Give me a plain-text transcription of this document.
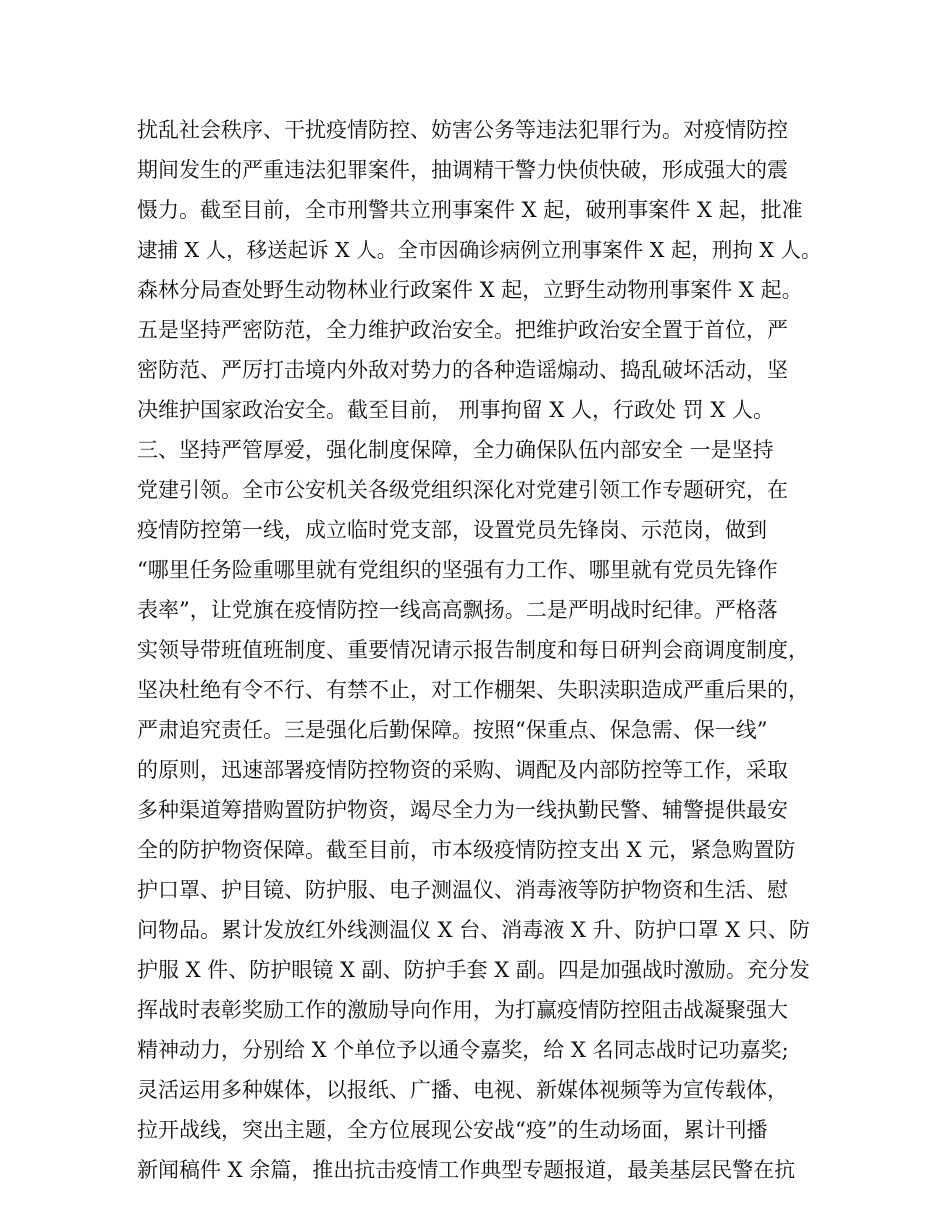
扰乱社会秩序、干扰疫情防控、妨害公务等违法犯罪行为。对疫情防控
期间发生的严重违法犯罪案件，抽调精干警力快侦快破，形成强大的震
慑力。截至目前，全市刑警共立刑事案件 X 起，破刑事案件 X 起，批准
逮捕 X 人，移送起诉 X 人。全市因确诊病例立刑事案件 X 起，刑拘 X 人。
森林分局查处野生动物林业行政案件 X 起，立野生动物刑事案件 X 起。
五是坚持严密防范，全力维护政治安全。把维护政治安全置于首位，严
密防范、严厉打击境内外敌对势力的各种造谣煽动、捣乱破坏活动，坚
决维护国家政治安全。截至目前， 刑事拘留 X 人，行政处 罚 X 人。
三、坚持严管厚爱，强化制度保障，全力确保队伍内部安全 一是坚持
党建引领。全市公安机关各级党组织深化对党建引领工作专题研究，在
疫情防控第一线，成立临时党支部，设置党员先锋岗、示范岗，做到
“哪里任务险重哪里就有党组织的坚强有力工作、哪里就有党员先锋作
表率”，让党旗在疫情防控一线高高飘扬。二是严明战时纪律。严格落
实领导带班值班制度、重要情况请示报告制度和每日研判会商调度制度，
坚决杜绝有令不行、有禁不止，对工作棚架、失职渎职造成严重后果的，
严肃追究责任。三是强化后勤保障。按照“保重点、保急需、保一线”
的原则，迅速部署疫情防控物资的采购、调配及内部防控等工作，采取
多种渠道筹措购置防护物资，竭尽全力为一线执勤民警、辅警提供最安
全的防护物资保障。截至目前，市本级疫情防控支出 X 元，紧急购置防
护口罩、护目镜、防护服、电子测温仪、消毒液等防护物资和生活、慰
问物品。累计发放红外线测温仪 X 台、消毒液 X 升、防护口罩 X 只、防
护服 X 件、防护眼镜 X 副、防护手套 X 副。四是加强战时激励。充分发
挥战时表彰奖励工作的激励导向作用，为打赢疫情防控阻击战凝聚强大
精神动力，分别给 X 个单位予以通令嘉奖，给 X 名同志战时记功嘉奖;
灵活运用多种媒体，以报纸、广播、电视、新媒体视频等为宣传载体，
拉开战线，突出主题，全方位展现公安战“疫”的生动场面，累计刊播
新闻稿件 X 余篇，推出抗击疫情工作典型专题报道，最美基层民警在抗
